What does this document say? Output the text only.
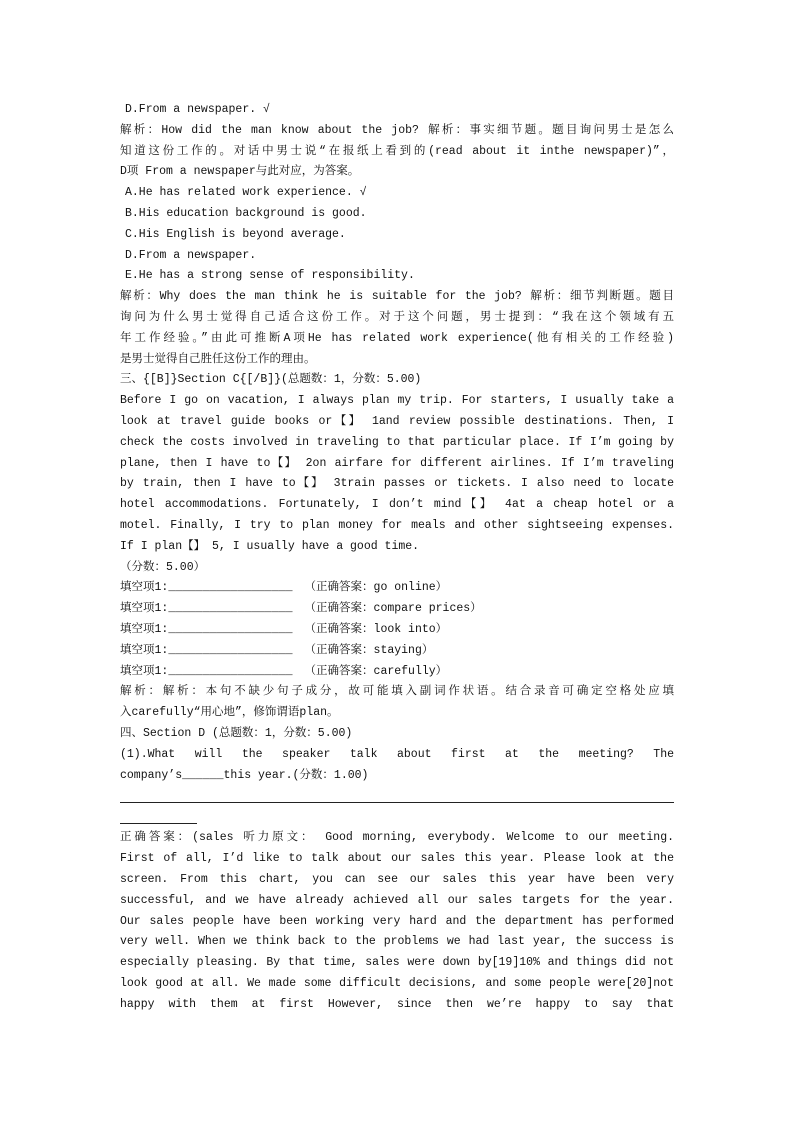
D.From a newspaper. √
解析：How did the man know about the job? 解析：事实细节题。题目询问男士是怎么
知道这份工作的。对话中男士说“在报纸上看到的(read about it inthe newspaper)”，
D项 From a newspaper与此对应，为答案。
A.He has related work experience. √
B.His education background is good.
C.His English is beyond average.
D.From a newspaper.
E.He has a strong sense of responsibility.
解析：Why does the man think he is suitable for the job? 解析：细节判断题。题目
询问为什么男士觉得自己适合这份工作。对于这个问题，男士提到：“我在这个领域有五
年工作经验。”由此可推断A项He has related work experience(他有相关的工作经验)
是男士觉得自己胜任这份工作的理由。
三、{[B]}Section C{[/B]}(总题数：1，分数：5.00)
Before I go on vacation, I always plan my trip. For starters, I usually take a
look at travel guide books or【】 1and review possible destinations. Then, I
check the costs involved in traveling to that particular place. If I’m going by
plane, then I have to【】 2on airfare for different airlines. If I’m traveling
by train, then I have to【】 3train passes or tickets. I also need to locate
hotel accommodations. Fortunately, I don’t mind【】 4at a cheap hotel or a
motel. Finally, I try to plan money for meals and other sightseeing expenses.
If I plan【】 5, I usually have a good time.
（分数：5.00）
填空项1:__________________ （正确答案：go online）
填空项1:__________________ （正确答案：compare prices）
填空项1:__________________ （正确答案：look into）
填空项1:__________________ （正确答案：staying）
填空项1:__________________ （正确答案：carefully）
解析：解析：本句不缺少句子成分，故可能填入副词作状语。结合录音可确定空格处应填
入carefully“用心地”，修饰谓语plan。
四、Section D (总题数：1，分数：5.00)
(1).What will the speaker talk about first at the meeting? The
company’s______this year.(分数：1.00)
正确答案：(sales 听力原文： Good morning, everybody. Welcome to our meeting.
First of all, I’d like to talk about our sales this year. Please look at the
screen. From this chart, you can see our sales this year have been very
successful, and we have already achieved all our sales targets for the year.
Our sales people have been working very hard and the department has performed
very well. When we think back to the problems we had last year, the success is
especially pleasing. By that time, sales were down by[19]10% and things did not
look good at all. We made some difficult decisions, and some people were[20]not
happy with them at first However, since then we’re happy to say that
